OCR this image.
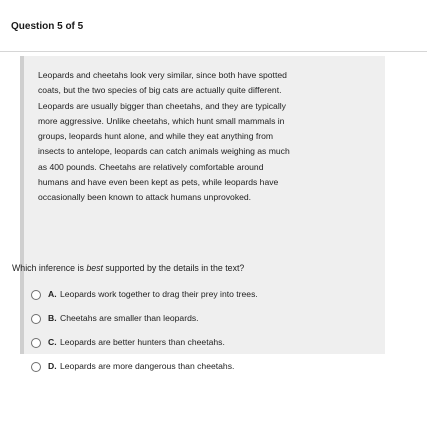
Question 5 of 5
Leopards and cheetahs look very similar, since both have spotted
coats, but the two species of big cats are actually quite different.
Leopards are usually bigger than cheetahs, and they are typically
more aggressive. Unlike cheetahs, which hunt small mammals in
groups, leopards hunt alone, and while they eat anything from
insects to antelope, leopards can catch animals weighing as much
as 400 pounds. Cheetahs are relatively comfortable around
humans and have even been kept as pets, while leopards have
occasionally been known to attack humans unprovoked.
Which inference is best supported by the details in the text?
A. Leopards work together to drag their prey into trees.
B. Cheetahs are smaller than leopards.
C. Leopards are better hunters than cheetahs.
D. Leopards are more dangerous than cheetahs.
